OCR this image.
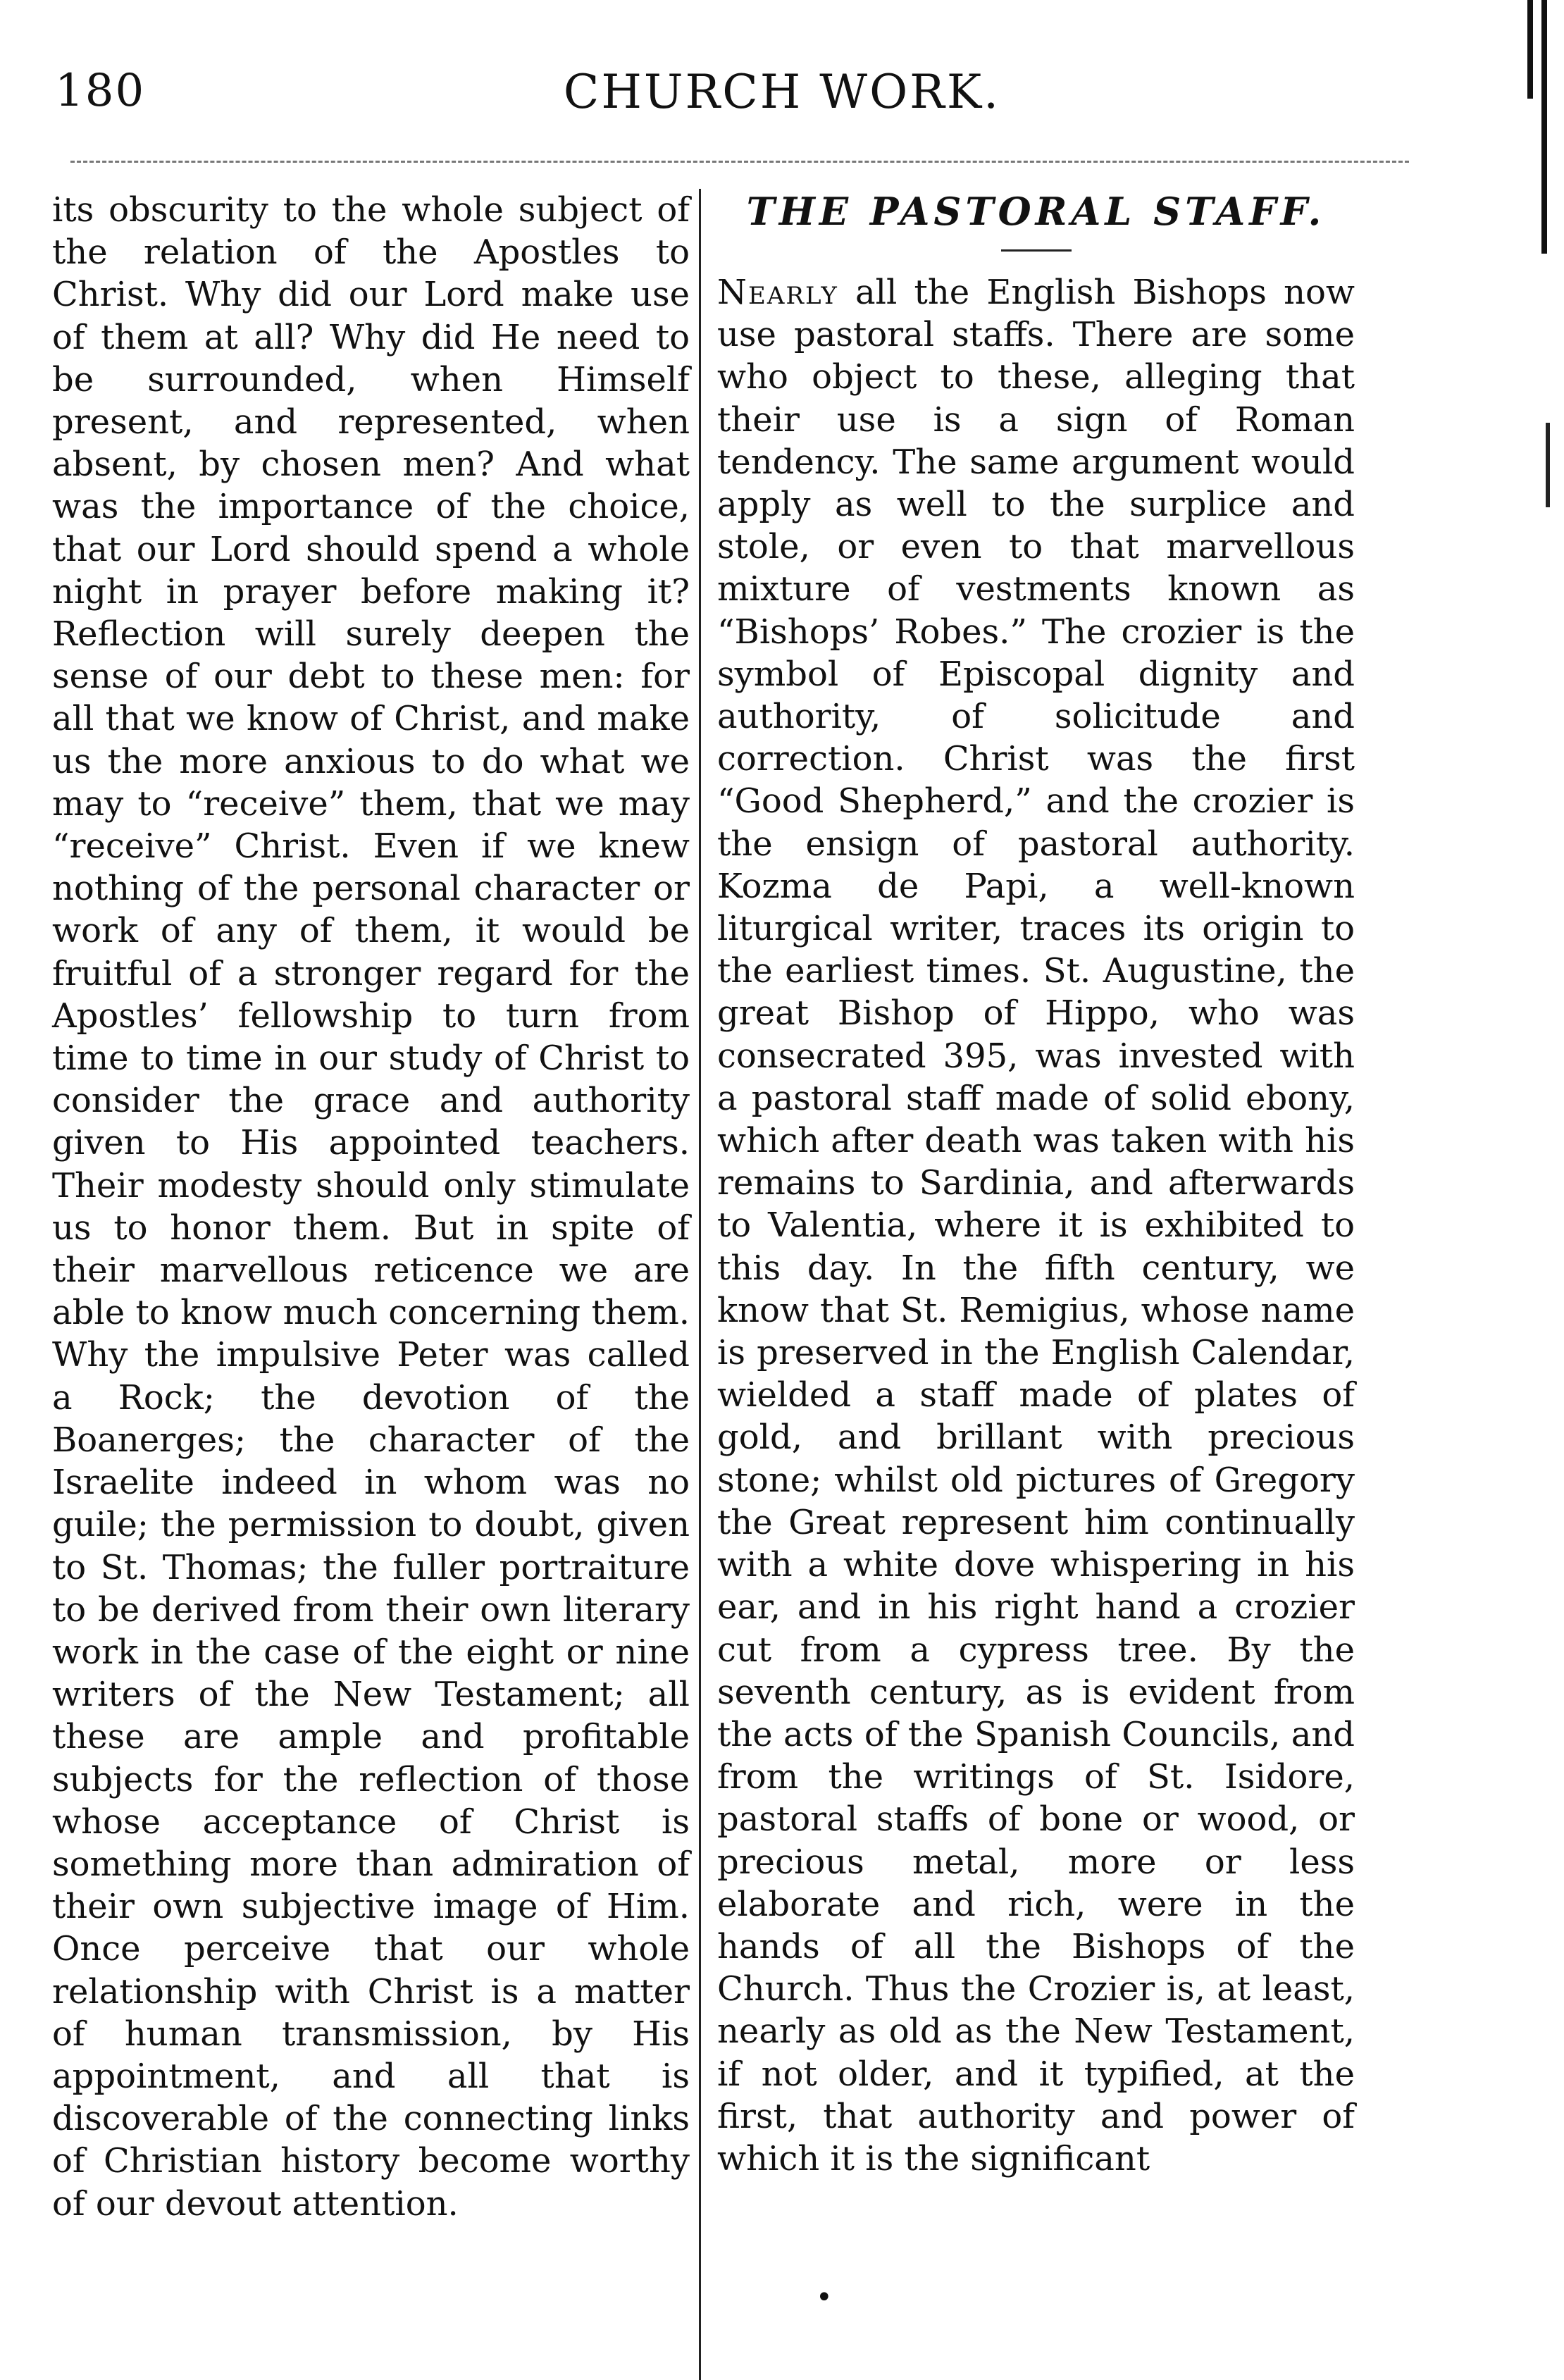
180	CHURCH WORK.

its obscurity to the whole subject of the relation of the Apostles to Christ. Why did our Lord make use of them at all? Why did He need to be surrounded, when Himself present, and represented, when absent, by chosen men? And what was the importance of the choice, that our Lord should spend a whole night in prayer before making it? Reflection will surely deepen the sense of our debt to these men: for all that we know of Christ, and make us the more anxious to do what we may to “receive” them, that we may “receive” Christ. Even if we knew nothing of the personal character or work of any of them, it would be fruitful of a stronger regard for the Apostles’ fellowship to turn from time to time in our study of Christ to consider the grace and authority given to His appointed teachers. Their modesty should only stimulate us to honor them. But in spite of their marvellous reticence we are able to know much concerning them. Why the impulsive Peter was called a Rock; the devotion of the Boanerges; the character of the Israelite indeed in whom was no guile; the permission to doubt, given to St. Thomas; the fuller portraiture to be derived from their own literary work in the case of the eight or nine writers of the New Testament; all these are ample and profitable subjects for the reflection of those whose acceptance of Christ is something more than admiration of their own subjective image of Him. Once perceive that our whole relationship with Christ is a matter of human transmission, by His appointment, and all that is discoverable of the connecting links of Christian history become worthy of our devout attention.

THE PASTORAL STAFF.

Nearly all the English Bishops now use pastoral staffs. There are some who object to these, alleging that their use is a sign of Roman tendency. The same argument would apply as well to the surplice and stole, or even to that marvellous mixture of vestments known as “Bishops’ Robes.” The crozier is the symbol of Episcopal dignity and authority, of solicitude and correction. Christ was the first “Good Shepherd,” and the crozier is the ensign of pastoral authority. Kozma de Papi, a well-known liturgical writer, traces its origin to the earliest times. St. Augustine, the great Bishop of Hippo, who was consecrated 395, was invested with a pastoral staff made of solid ebony, which after death was taken with his remains to Sardinia, and afterwards to Valentia, where it is exhibited to this day. In the fifth century, we know that St. Remigius, whose name is preserved in the English Calendar, wielded a staff made of plates of gold, and brillant with precious stone; whilst old pictures of Gregory the Great represent him continually with a white dove whispering in his ear, and in his right hand a crozier cut from a cypress tree. By the seventh century, as is evident from the acts of the Spanish Councils, and from the writings of St. Isidore, pastoral staffs of bone or wood, or precious metal, more or less elaborate and rich, were in the hands of all the Bishops of the Church. Thus the Crozier is, at least, nearly as old as the New Testament, if not older, and it typified, at the first, that authority and power of which it is the significant

•
